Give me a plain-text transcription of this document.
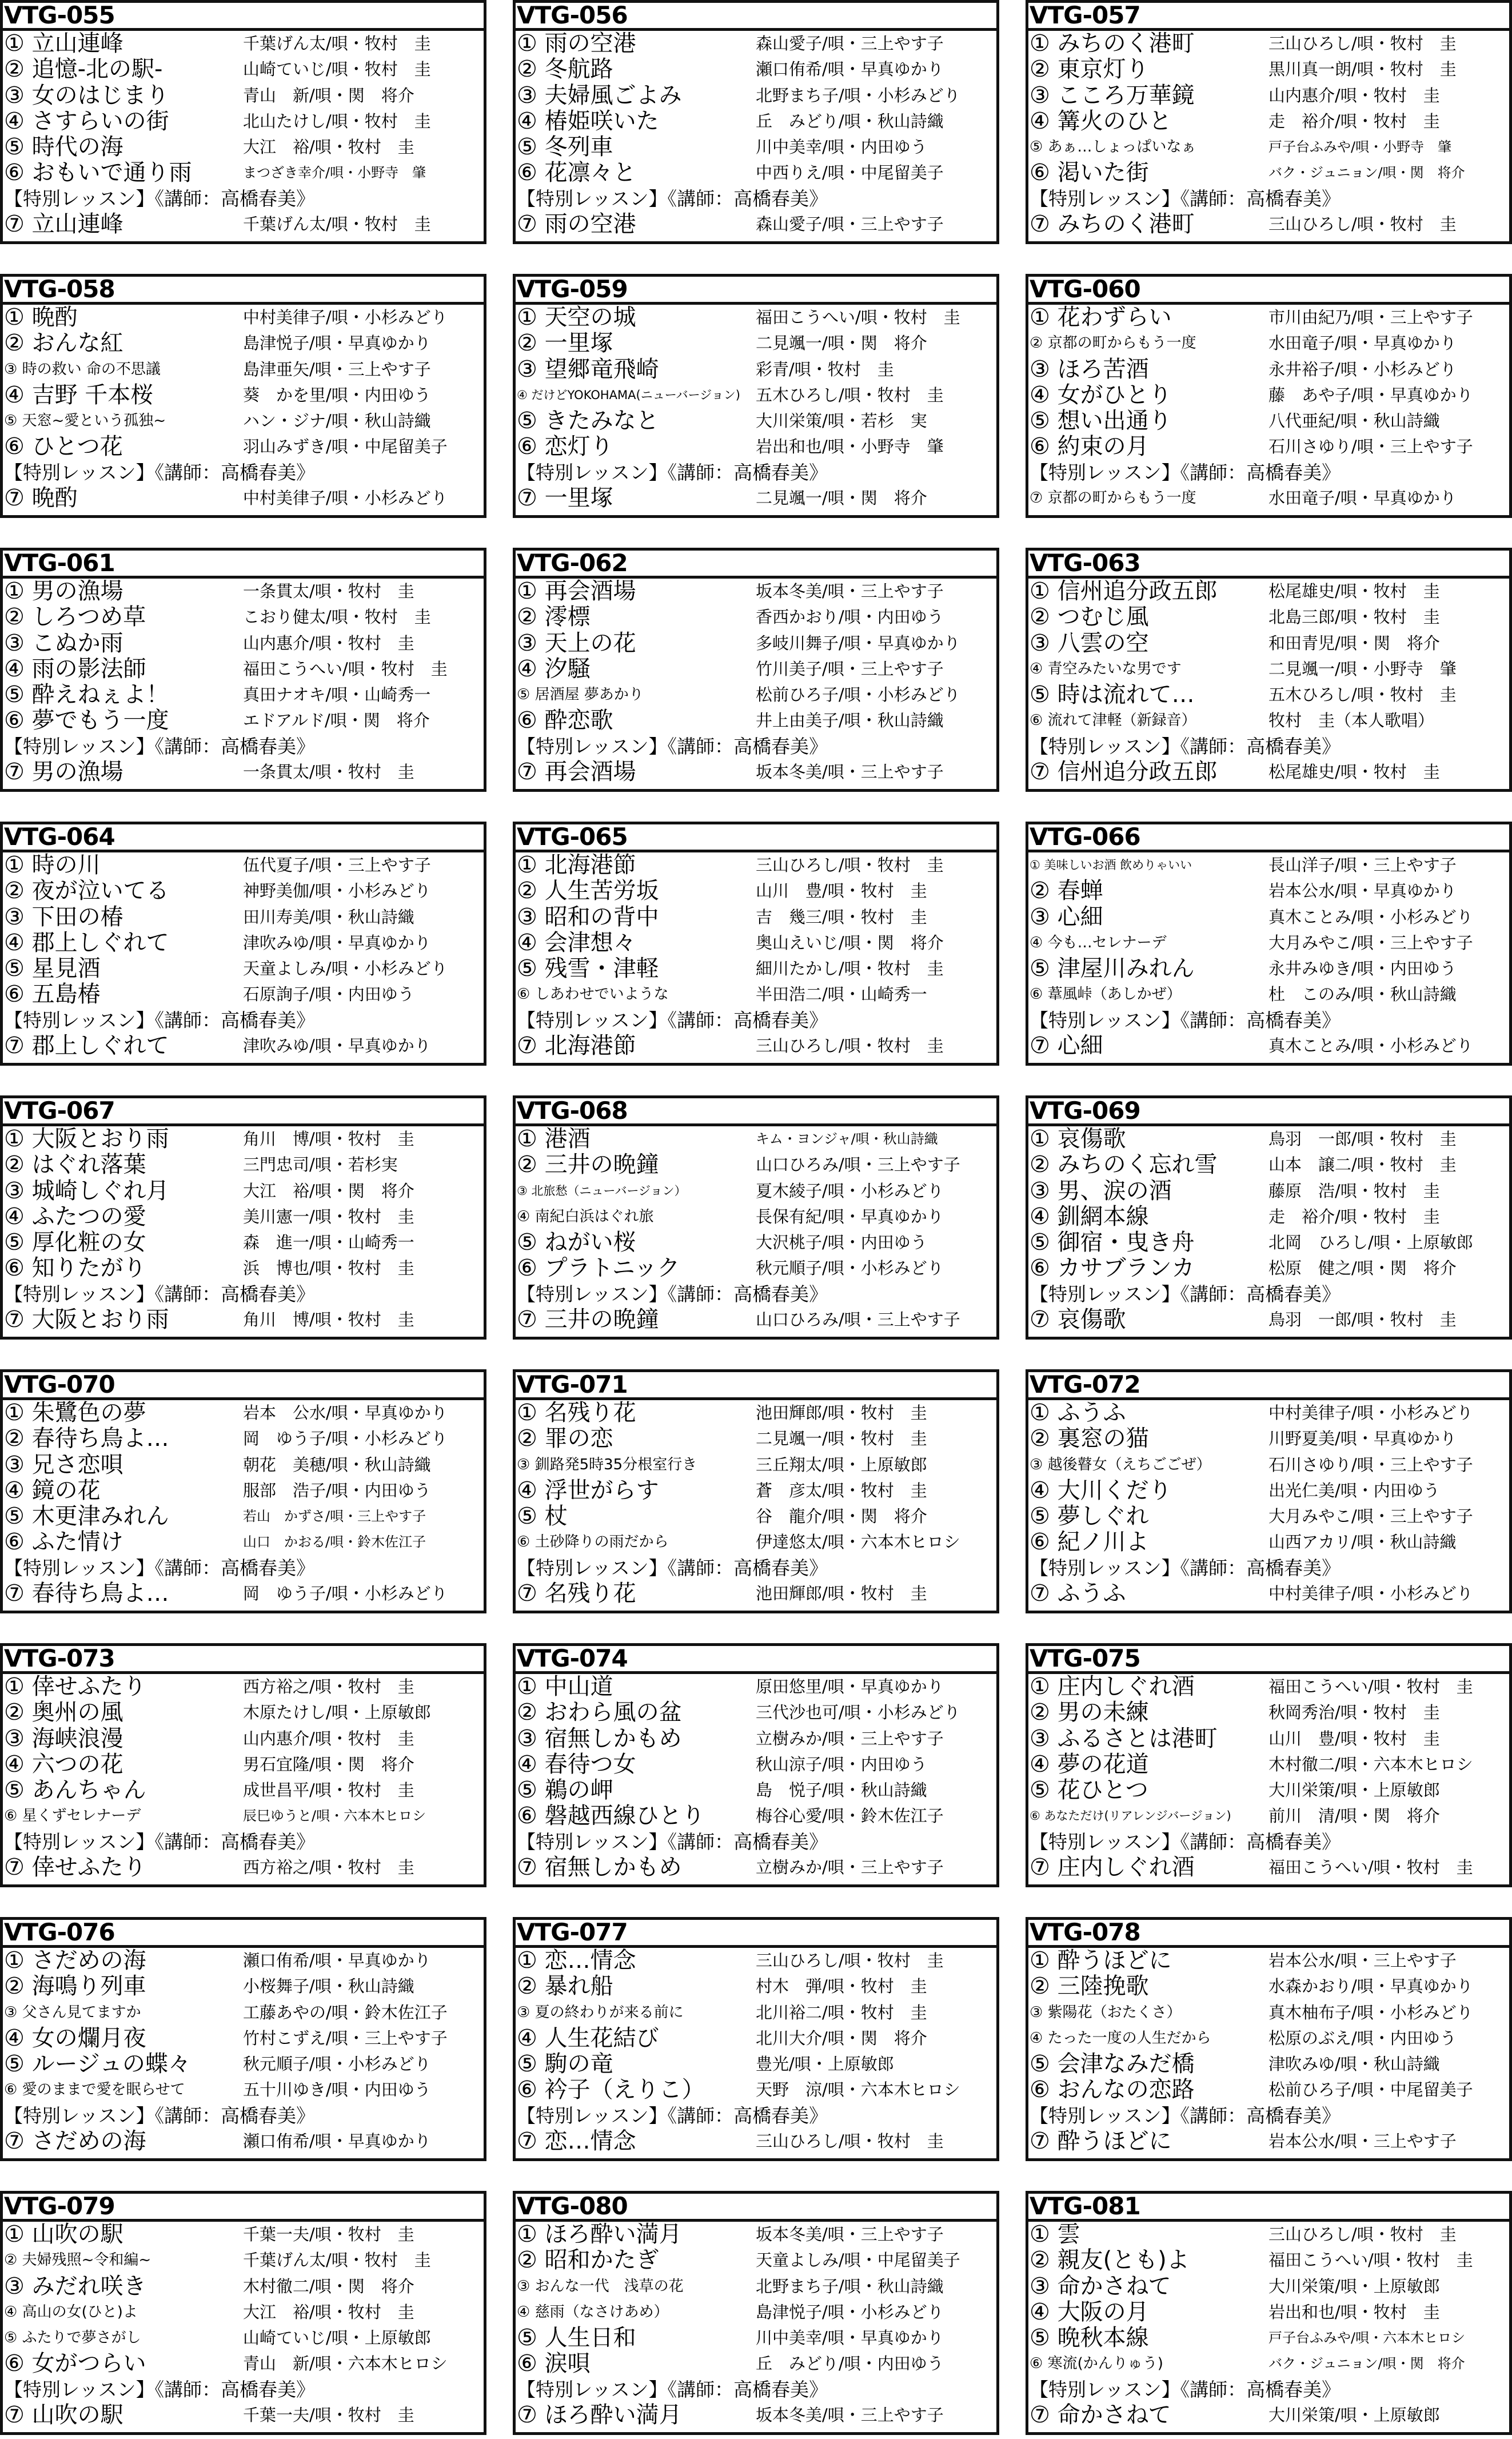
VTG-055
① 立山連峰	千葉げん太/唄・牧村　圭
② 追憶-北の駅-	山崎ていじ/唄・牧村　圭
③ 女のはじまり	青山　新/唄・関　将介
④ さすらいの街	北山たけし/唄・牧村　圭
⑤ 時代の海	大江　裕/唄・牧村　圭
⑥ おもいで通り雨	まつざき幸介/唄・小野寺　肇
【特別レッスン】《講師：高橋春美》
⑦ 立山連峰	千葉げん太/唄・牧村　圭
VTG-056
① 雨の空港	森山愛子/唄・三上やす子
② 冬航路	瀬口侑希/唄・早真ゆかり
③ 夫婦風ごよみ	北野まち子/唄・小杉みどり
④ 椿姫咲いた	丘　みどり/唄・秋山詩織
⑤ 冬列車	川中美幸/唄・内田ゆう
⑥ 花凛々と	中西りえ/唄・中尾留美子
【特別レッスン】《講師：高橋春美》
⑦ 雨の空港	森山愛子/唄・三上やす子
VTG-057
① みちのく港町	三山ひろし/唄・牧村　圭
② 東京灯り	黒川真一朗/唄・牧村　圭
③ こころ万華鏡	山内惠介/唄・牧村　圭
④ 篝火のひと	走　裕介/唄・牧村　圭
⑤ あぁ…しょっぱいなぁ	戸子台ふみや/唄・小野寺　肇
⑥ 渇いた街	バク・ジュニョン/唄・関　将介
【特別レッスン】《講師：高橋春美》
⑦ みちのく港町	三山ひろし/唄・牧村　圭
VTG-058
① 晩酌	中村美律子/唄・小杉みどり
② おんな紅	島津悦子/唄・早真ゆかり
③ 時の救い 命の不思議	島津亜矢/唄・三上やす子
④ 吉野 千本桜	葵　かを里/唄・内田ゆう
⑤ 天窓~愛という孤独~	ハン・ジナ/唄・秋山詩織
⑥ ひとつ花	羽山みずき/唄・中尾留美子
【特別レッスン】《講師：高橋春美》
⑦ 晩酌	中村美律子/唄・小杉みどり
VTG-059
① 天空の城	福田こうへい/唄・牧村　圭
② 一里塚	二見颯一/唄・関　将介
③ 望郷竜飛崎	彩青/唄・牧村　圭
④ だけどYOKOHAMA(ニューバージョン) 五木ひろし/唄・牧村　圭
⑤ きたみなと	大川栄策/唄・若杉　実
⑥ 恋灯り	岩出和也/唄・小野寺　肇
【特別レッスン】《講師：高橋春美》
⑦ 一里塚	二見颯一/唄・関　将介
VTG-060
① 花わずらい	市川由紀乃/唄・三上やす子
② 京都の町からもう一度	水田竜子/唄・早真ゆかり
③ ほろ苦酒	永井裕子/唄・小杉みどり
④ 女がひとり	藤　あや子/唄・早真ゆかり
⑤ 想い出通り	八代亜紀/唄・秋山詩織
⑥ 約束の月	石川さゆり/唄・三上やす子
【特別レッスン】《講師：高橋春美》
⑦ 京都の町からもう一度	水田竜子/唄・早真ゆかり
VTG-061
① 男の漁場	一条貫太/唄・牧村　圭
② しろつめ草	こおり健太/唄・牧村　圭
③ こぬか雨	山内惠介/唄・牧村　圭
④ 雨の影法師	福田こうへい/唄・牧村　圭
⑤ 酔えねぇよ！	真田ナオキ/唄・山崎秀一
⑥ 夢でもう一度	エドアルド/唄・関　将介
【特別レッスン】《講師：高橋春美》
⑦ 男の漁場	一条貫太/唄・牧村　圭
VTG-062
① 再会酒場	坂本冬美/唄・三上やす子
② 澪標	香西かおり/唄・内田ゆう
③ 天上の花	多岐川舞子/唄・早真ゆかり
④ 汐騒	竹川美子/唄・三上やす子
⑤ 居酒屋 夢あかり	松前ひろ子/唄・小杉みどり
⑥ 酔恋歌	井上由美子/唄・秋山詩織
【特別レッスン】《講師：高橋春美》
⑦ 再会酒場	坂本冬美/唄・三上やす子
VTG-063
① 信州追分政五郎	松尾雄史/唄・牧村　圭
② つむじ風	北島三郎/唄・牧村　圭
③ 八雲の空	和田青児/唄・関　将介
④ 青空みたいな男です	二見颯一/唄・小野寺　肇
⑤ 時は流れて…	五木ひろし/唄・牧村　圭
⑥ 流れて津軽（新録音）	牧村　圭（本人歌唱）
【特別レッスン】《講師：高橋春美》
⑦ 信州追分政五郎	松尾雄史/唄・牧村　圭
VTG-064
① 時の川	伍代夏子/唄・三上やす子
② 夜が泣いてる	神野美伽/唄・小杉みどり
③ 下田の椿	田川寿美/唄・秋山詩織
④ 郡上しぐれて	津吹みゆ/唄・早真ゆかり
⑤ 星見酒	天童よしみ/唄・小杉みどり
⑥ 五島椿	石原詢子/唄・内田ゆう
【特別レッスン】《講師：高橋春美》
⑦ 郡上しぐれて	津吹みゆ/唄・早真ゆかり
VTG-065
① 北海港節	三山ひろし/唄・牧村　圭
② 人生苦労坂	山川　豊/唄・牧村　圭
③ 昭和の背中	吉　幾三/唄・牧村　圭
④ 会津想々	奥山えいじ/唄・関　将介
⑤ 残雪・津軽	細川たかし/唄・牧村　圭
⑥ しあわせでいような	半田浩二/唄・山崎秀一
【特別レッスン】《講師：高橋春美》
⑦ 北海港節	三山ひろし/唄・牧村　圭
VTG-066
① 美味しいお酒 飲めりゃいい	長山洋子/唄・三上やす子
② 春蝉	岩本公水/唄・早真ゆかり
③ 心細	真木ことみ/唄・小杉みどり
④ 今も…セレナーデ	大月みやこ/唄・三上やす子
⑤ 津屋川みれん	永井みゆき/唄・内田ゆう
⑥ 葦風峠（あしかぜ）	杜　このみ/唄・秋山詩織
【特別レッスン】《講師：高橋春美》
⑦ 心細	真木ことみ/唄・小杉みどり
VTG-067
① 大阪とおり雨	角川　博/唄・牧村　圭
② はぐれ落葉	三門忠司/唄・若杉実
③ 城崎しぐれ月	大江　裕/唄・関　将介
④ ふたつの愛	美川憲一/唄・牧村　圭
⑤ 厚化粧の女	森　進一/唄・山崎秀一
⑥ 知りたがり	浜　博也/唄・牧村　圭
【特別レッスン】《講師：高橋春美》
⑦ 大阪とおり雨	角川　博/唄・牧村　圭
VTG-068
① 港酒	キム・ヨンジャ/唄・秋山詩織
② 三井の晩鐘	山口ひろみ/唄・三上やす子
③ 北旅愁（ニューバージョン）	夏木綾子/唄・小杉みどり
④ 南紀白浜はぐれ旅	長保有紀/唄・早真ゆかり
⑤ ねがい桜	大沢桃子/唄・内田ゆう
⑥ プラトニック	秋元順子/唄・小杉みどり
【特別レッスン】《講師：高橋春美》
⑦ 三井の晩鐘	山口ひろみ/唄・三上やす子
VTG-069
① 哀傷歌	鳥羽　一郎/唄・牧村　圭
② みちのく忘れ雪	山本　譲二/唄・牧村　圭
③ 男、涙の酒	藤原　浩/唄・牧村　圭
④ 釧網本線	走　裕介/唄・牧村　圭
⑤ 御宿・曳き舟	北岡　ひろし/唄・上原敏郎
⑥ カサブランカ	松原　健之/唄・関　将介
【特別レッスン】《講師：高橋春美》
⑦ 哀傷歌	鳥羽　一郎/唄・牧村　圭
VTG-070
① 朱鷺色の夢	岩本　公水/唄・早真ゆかり
② 春待ち鳥よ…	岡　ゆう子/唄・小杉みどり
③ 兄さ恋唄	朝花　美穂/唄・秋山詩織
④ 鏡の花	服部　浩子/唄・内田ゆう
⑤ 木更津みれん	若山　かずさ/唄・三上やす子
⑥ ふた情け	山口　かおる/唄・鈴木佐江子
【特別レッスン】《講師：高橋春美》
⑦ 春待ち鳥よ…	岡　ゆう子/唄・小杉みどり
VTG-071
① 名残り花	池田輝郎/唄・牧村　圭
② 罪の恋	二見颯一/唄・牧村　圭
③ 釧路発5時35分根室行き	三丘翔太/唄・上原敏郎
④ 浮世がらす	蒼　彦太/唄・牧村　圭
⑤ 杖	谷　龍介/唄・関　将介
⑥ 土砂降りの雨だから	伊達悠太/唄・六本木ヒロシ
【特別レッスン】《講師：高橋春美》
⑦ 名残り花	池田輝郎/唄・牧村　圭
VTG-072
① ふうふ	中村美律子/唄・小杉みどり
② 裏窓の猫	川野夏美/唄・早真ゆかり
③ 越後瞽女（えちごごぜ）	石川さゆり/唄・三上やす子
④ 大川くだり	出光仁美/唄・内田ゆう
⑤ 夢しぐれ	大月みやこ/唄・三上やす子
⑥ 紀ノ川よ	山西アカリ/唄・秋山詩織
【特別レッスン】《講師：高橋春美》
⑦ ふうふ	中村美律子/唄・小杉みどり
VTG-073
① 倖せふたり	西方裕之/唄・牧村　圭
② 奥州の風	木原たけし/唄・上原敏郎
③ 海峡浪漫	山内惠介/唄・牧村　圭
④ 六つの花	男石宜隆/唄・関　将介
⑤ あんちゃん	成世昌平/唄・牧村　圭
⑥ 星くずセレナーデ	辰巳ゆうと/唄・六本木ヒロシ
【特別レッスン】《講師：高橋春美》
⑦ 倖せふたり	西方裕之/唄・牧村　圭
VTG-074
① 中山道	原田悠里/唄・早真ゆかり
② おわら風の盆	三代沙也可/唄・小杉みどり
③ 宿無しかもめ	立樹みか/唄・三上やす子
④ 春待つ女	秋山涼子/唄・内田ゆう
⑤ 鵜の岬	島　悦子/唄・秋山詩織
⑥ 磐越西線ひとり	梅谷心愛/唄・鈴木佐江子
【特別レッスン】《講師：高橋春美》
⑦ 宿無しかもめ	立樹みか/唄・三上やす子
VTG-075
① 庄内しぐれ酒	福田こうへい/唄・牧村　圭
② 男の未練	秋岡秀治/唄・牧村　圭
③ ふるさとは港町	山川　豊/唄・牧村　圭
④ 夢の花道	木村徹二/唄・六本木ヒロシ
⑤ 花ひとつ	大川栄策/唄・上原敏郎
⑥ あなただけ(リアレンジバージョン)	前川　清/唄・関　将介
【特別レッスン】《講師：高橋春美》
⑦ 庄内しぐれ酒	福田こうへい/唄・牧村　圭
VTG-076
① さだめの海	瀬口侑希/唄・早真ゆかり
② 海鳴り列車	小桜舞子/唄・秋山詩織
③ 父さん見てますか	工藤あやの/唄・鈴木佐江子
④ 女の爛月夜	竹村こずえ/唄・三上やす子
⑤ ルージュの蝶々	秋元順子/唄・小杉みどり
⑥ 愛のままで愛を眠らせて	五十川ゆき/唄・内田ゆう
【特別レッスン】《講師：高橋春美》
⑦ さだめの海	瀬口侑希/唄・早真ゆかり
VTG-077
① 恋…情念	三山ひろし/唄・牧村　圭
② 暴れ船	村木　弾/唄・牧村　圭
③ 夏の終わりが来る前に	北川裕二/唄・牧村　圭
④ 人生花結び	北川大介/唄・関　将介
⑤ 駒の竜	豊光/唄・上原敏郎
⑥ 衿子（えりこ）	天野　涼/唄・六本木ヒロシ
【特別レッスン】《講師：高橋春美》
⑦ 恋…情念	三山ひろし/唄・牧村　圭
VTG-078
① 酔うほどに	岩本公水/唄・三上やす子
② 三陸挽歌	水森かおり/唄・早真ゆかり
③ 紫陽花（おたくさ）	真木柚布子/唄・小杉みどり
④ たった一度の人生だから	松原のぶえ/唄・内田ゆう
⑤ 会津なみだ橋	津吹みゆ/唄・秋山詩織
⑥ おんなの恋路	松前ひろ子/唄・中尾留美子
【特別レッスン】《講師：高橋春美》
⑦ 酔うほどに	岩本公水/唄・三上やす子
VTG-079
① 山吹の駅	千葉一夫/唄・牧村　圭
② 夫婦残照~令和編~	千葉げん太/唄・牧村　圭
③ みだれ咲き	木村徹二/唄・関　将介
④ 高山の女(ひと)よ	大江　裕/唄・牧村　圭
⑤ ふたりで夢さがし	山崎ていじ/唄・上原敏郎
⑥ 女がつらい	青山　新/唄・六本木ヒロシ
【特別レッスン】《講師：高橋春美》
⑦ 山吹の駅	千葉一夫/唄・牧村　圭
VTG-080
① ほろ酔い満月	坂本冬美/唄・三上やす子
② 昭和かたぎ	天童よしみ/唄・中尾留美子
③ おんな一代　浅草の花	北野まち子/唄・秋山詩織
④ 慈雨（なさけあめ）	島津悦子/唄・小杉みどり
⑤ 人生日和	川中美幸/唄・早真ゆかり
⑥ 涙唄	丘　みどり/唄・内田ゆう
【特別レッスン】《講師：高橋春美》
⑦ ほろ酔い満月	坂本冬美/唄・三上やす子
VTG-081
① 雲	三山ひろし/唄・牧村　圭
② 親友(とも)よ	福田こうへい/唄・牧村　圭
③ 命かさねて	大川栄策/唄・上原敏郎
④ 大阪の月	岩出和也/唄・牧村　圭
⑤ 晩秋本線	戸子台ふみや/唄・六本木ヒロシ
⑥ 寒流(かんりゅう)	バク・ジュニョン/唄・関　将介
【特別レッスン】《講師：高橋春美》
⑦ 命かさねて	大川栄策/唄・上原敏郎
